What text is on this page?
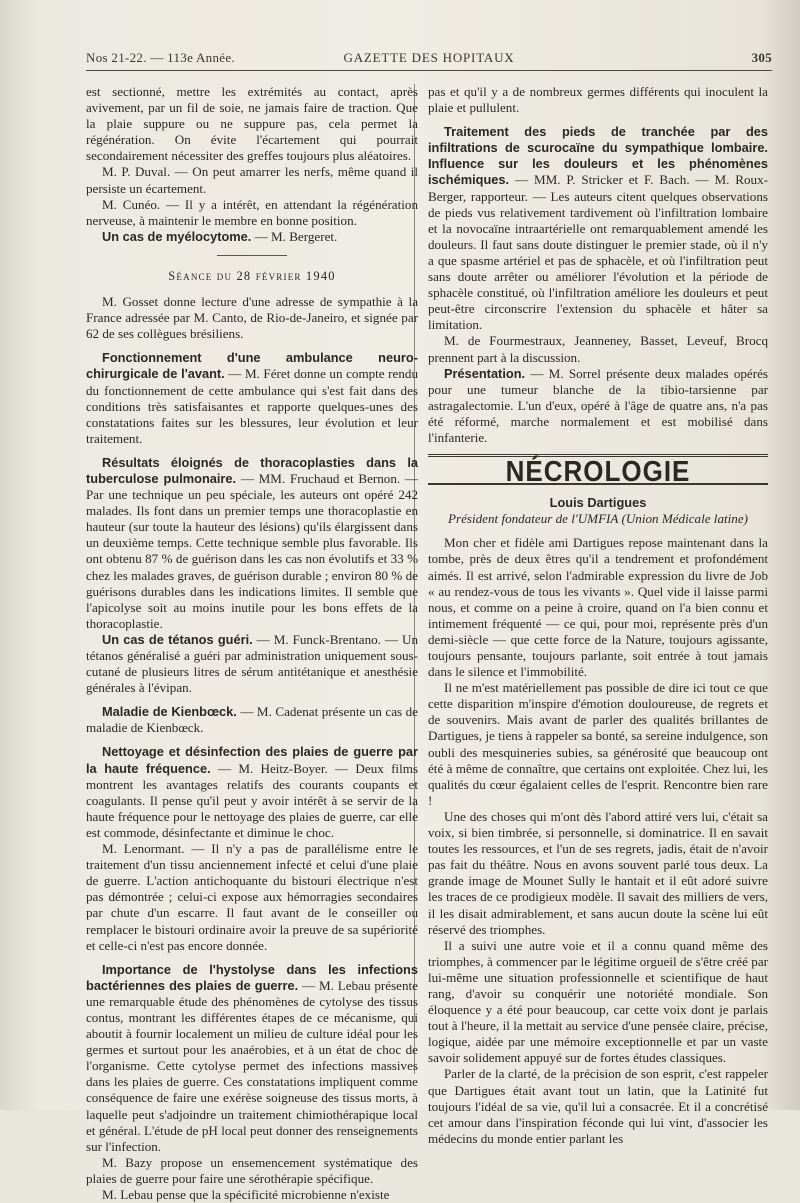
Nos 21-22. — 113e Année.	GAZETTE DES HOPITAUX	305

est sectionné, mettre les extrémités au contact, après avivement, par un fil de soie, ne jamais faire de traction. Que la plaie suppure ou ne suppure pas, cela permet la régénération. On évite l'écartement qui pourrait secondairement nécessiter des greffes toujours plus aléatoires.

M. P. Duval. — On peut amarrer les nerfs, même quand il persiste un écartement.

M. Cunéo. — Il y a intérêt, en attendant la régénération nerveuse, à maintenir le membre en bonne position.

Un cas de myélocytome. — M. Bergeret.

Séance du 28 février 1940

M. Gosset donne lecture d'une adresse de sympathie à la France adressée par M. Canto, de Rio-de-Janeiro, et signée par 62 de ses collègues brésiliens.

Fonctionnement d'une ambulance neuro-chirurgicale de l'avant. — M. Féret donne un compte rendu du fonctionnement de cette ambulance qui s'est fait dans des conditions très satisfaisantes et rapporte quelques-unes des constatations faites sur les blessures, leur évolution et leur traitement.

Résultats éloignés de thoracoplasties dans la tuberculose pulmonaire. — MM. Fruchaud et Bernon. — Par une technique un peu spéciale, les auteurs ont opéré 242 malades. Ils font dans un premier temps une thoracoplastie en hauteur (sur toute la hauteur des lésions) qu'ils élargissent dans un deuxième temps. Cette technique semble plus favorable. Ils ont obtenu 87 % de guérison dans les cas non évolutifs et 33 % chez les malades graves, de guérison durable ; environ 80 % de guérisons durables dans les indications limites. Il semble que l'apicolyse soit au moins inutile pour les bons effets de la thoracoplastie.

Un cas de tétanos guéri. — M. Funck-Brentano. — Un tétanos généralisé a guéri par administration uniquement sous-cutané de plusieurs litres de sérum antitétanique et anesthésie générales à l'évipan.

Maladie de Kienbœck. — M. Cadenat présente un cas de maladie de Kienbœck.

Nettoyage et désinfection des plaies de guerre par la haute fréquence. — M. Heitz-Boyer. — Deux films montrent les avantages relatifs des courants coupants et coagulants. Il pense qu'il peut y avoir intérêt à se servir de la haute fréquence pour le nettoyage des plaies de guerre, car elle est commode, désinfectante et diminue le choc.

M. Lenormant. — Il n'y a pas de parallélisme entre le traitement d'un tissu anciennement infecté et celui d'une plaie de guerre. L'action antichoquante du bistouri électrique n'est pas démontrée ; celui-ci expose aux hémorragies secondaires par chute d'un escarre. Il faut avant de le conseiller ou remplacer le bistouri ordinaire avoir la preuve de sa supériorité et celle-ci n'est pas encore donnée.

Importance de l'hystolyse dans les infections bactériennes des plaies de guerre. — M. Lebau présente une remarquable étude des phénomènes de cytolyse des tissus contus, montrant les différentes étapes de ce mécanisme, qui aboutit à fournir localement un milieu de culture idéal pour les germes et surtout pour les anaérobies, et à un état de choc de l'organisme. Cette cytolyse permet des infections massives dans les plaies de guerre. Ces constatations impliquent comme conséquence de faire une exérèse soigneuse des tissus morts, à laquelle peut s'adjoindre un traitement chimiothérapique local et général. L'étude de pH local peut donner des renseignements sur l'infection.

M. Bazy propose un ensemencement systématique des plaies de guerre pour faire une sérothérapie spécifique.

M. Lebau pense que la spécificité microbienne n'existe

pas et qu'il y a de nombreux germes différents qui inoculent la plaie et pullulent.

Traitement des pieds de tranchée par des infiltrations de scurocaïne du sympathique lombaire. Influence sur les douleurs et les phénomènes ischémiques. — MM. P. Stricker et F. Bach. — M. Roux-Berger, rapporteur. — Les auteurs citent quelques observations de pieds vus relativement tardivement où l'infiltration lombaire et la novocaïne intraartérielle ont remarquablement amendé les douleurs. Il faut sans doute distinguer le premier stade, où il n'y a que spasme artériel et pas de sphacèle, et où l'infiltration peut sans doute arrêter ou améliorer l'évolution et la période de sphacèle constitué, où l'infiltration améliore les douleurs et peut peut-être circonscrire l'extension du sphacèle et hâter sa limitation.

M. de Fourmestraux, Jeanneney, Basset, Leveuf, Brocq prennent part à la discussion.

Présentation. — M. Sorrel présente deux malades opérés pour une tumeur blanche de la tibio-tarsienne par astragalectomie. L'un d'eux, opéré à l'âge de quatre ans, n'a pas été réformé, marche normalement et est mobilisé dans l'infanterie.

NÉCROLOGIE
Louis Dartigues
Président fondateur de l'UMFIA (Union Médicale latine)

Mon cher et fidèle ami Dartigues repose maintenant dans la tombe, près de deux êtres qu'il a tendrement et profondément aimés. Il est arrivé, selon l'admirable expression du livre de Job « au rendez-vous de tous les vivants ». Quel vide il laisse parmi nous, et comme on a peine à croire, quand on l'a bien connu et intimement fréquenté — ce qui, pour moi, représente près d'un demi-siècle — que cette force de la Nature, toujours agissante, toujours pensante, toujours parlante, soit entrée à tout jamais dans le silence et l'immobilité.

Il ne m'est matériellement pas possible de dire ici tout ce que cette disparition m'inspire d'émotion douloureuse, de regrets et de souvenirs. Mais avant de parler des qualités brillantes de Dartigues, je tiens à rappeler sa bonté, sa sereine indulgence, son oubli des mesquineries subies, sa générosité que beaucoup ont été à même de connaître, que certains ont exploitée. Chez lui, les qualités du cœur égalaient celles de l'esprit. Rencontre bien rare !

Une des choses qui m'ont dès l'abord attiré vers lui, c'était sa voix, si bien timbrée, si personnelle, si dominatrice. Il en savait toutes les ressources, et l'un de ses regrets, jadis, était de n'avoir pas fait du théâtre. Nous en avons souvent parlé tous deux. La grande image de Mounet Sully le hantait et il eût adoré suivre les traces de ce prodigieux modèle. Il savait des milliers de vers, il les disait admirablement, et sans aucun doute la scène lui eût réservé des triomphes.

Il a suivi une autre voie et il a connu quand même des triomphes, à commencer par le légitime orgueil de s'être créé par lui-même une situation professionnelle et scientifique de haut rang, d'avoir su conquérir une notoriété mondiale. Son éloquence y a été pour beaucoup, car cette voix dont je parlais tout à l'heure, il la mettait au service d'une pensée claire, précise, logique, aidée par une mémoire exceptionnelle et par un vaste savoir solidement appuyé sur de fortes études classiques.

Parler de la clarté, de la précision de son esprit, c'est rappeler que Dartigues était avant tout un latin, que la Latinité fut toujours l'idéal de sa vie, qu'il lui a consacrée. Et il a concrétisé cet amour dans l'inspiration féconde qui lui vint, d'associer les médecins du monde entier parlant les
